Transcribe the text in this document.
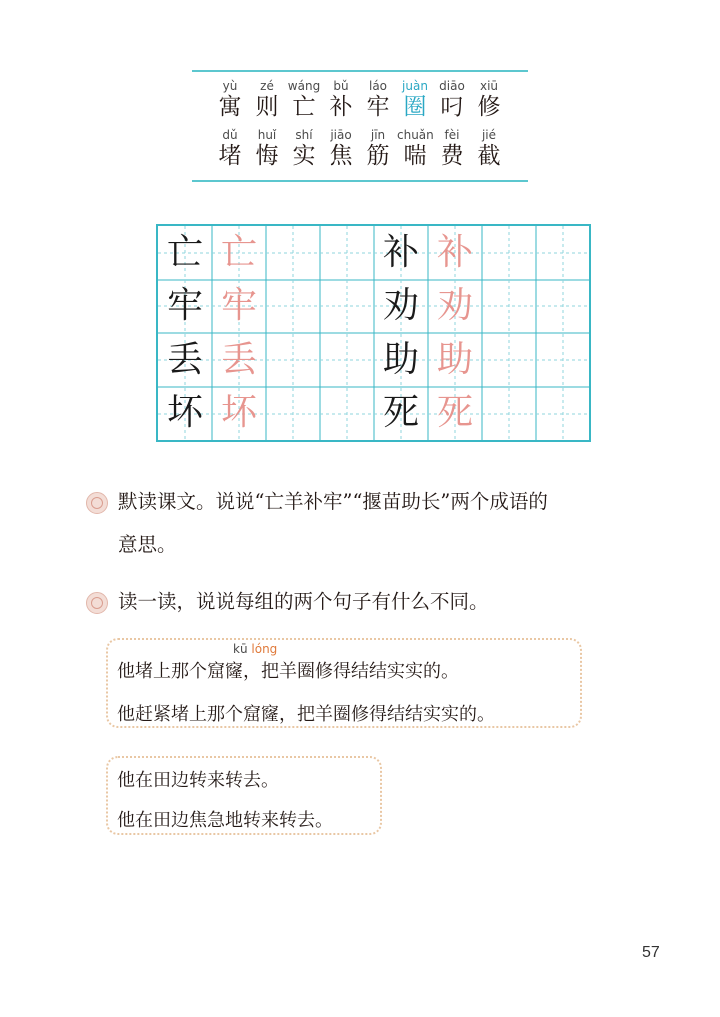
yù
寓
zé
则
wáng
亡
bǔ
补
láo
牢
juàn
圈
diāo
叼
xiū
修
dǔ
堵
huǐ
悔
shí
实
jiāo
焦
jīn
筋
chuǎn
喘
fèi
费
jié
截
亡 亡
牢 牢
丢 丢
坏 坏
补 补
劝 劝
助 助
死 死
默读课文。说说“亡羊补牢”“揠苗助长”两个成语的
意思。
读一读，说说每组的两个句子有什么不同。
kū lóng
他堵上那个窟窿，把羊圈修得结结实实的。
他赶紧堵上那个窟窿，把羊圈修得结结实实的。
他在田边转来转去。
他在田边焦急地转来转去。
57
